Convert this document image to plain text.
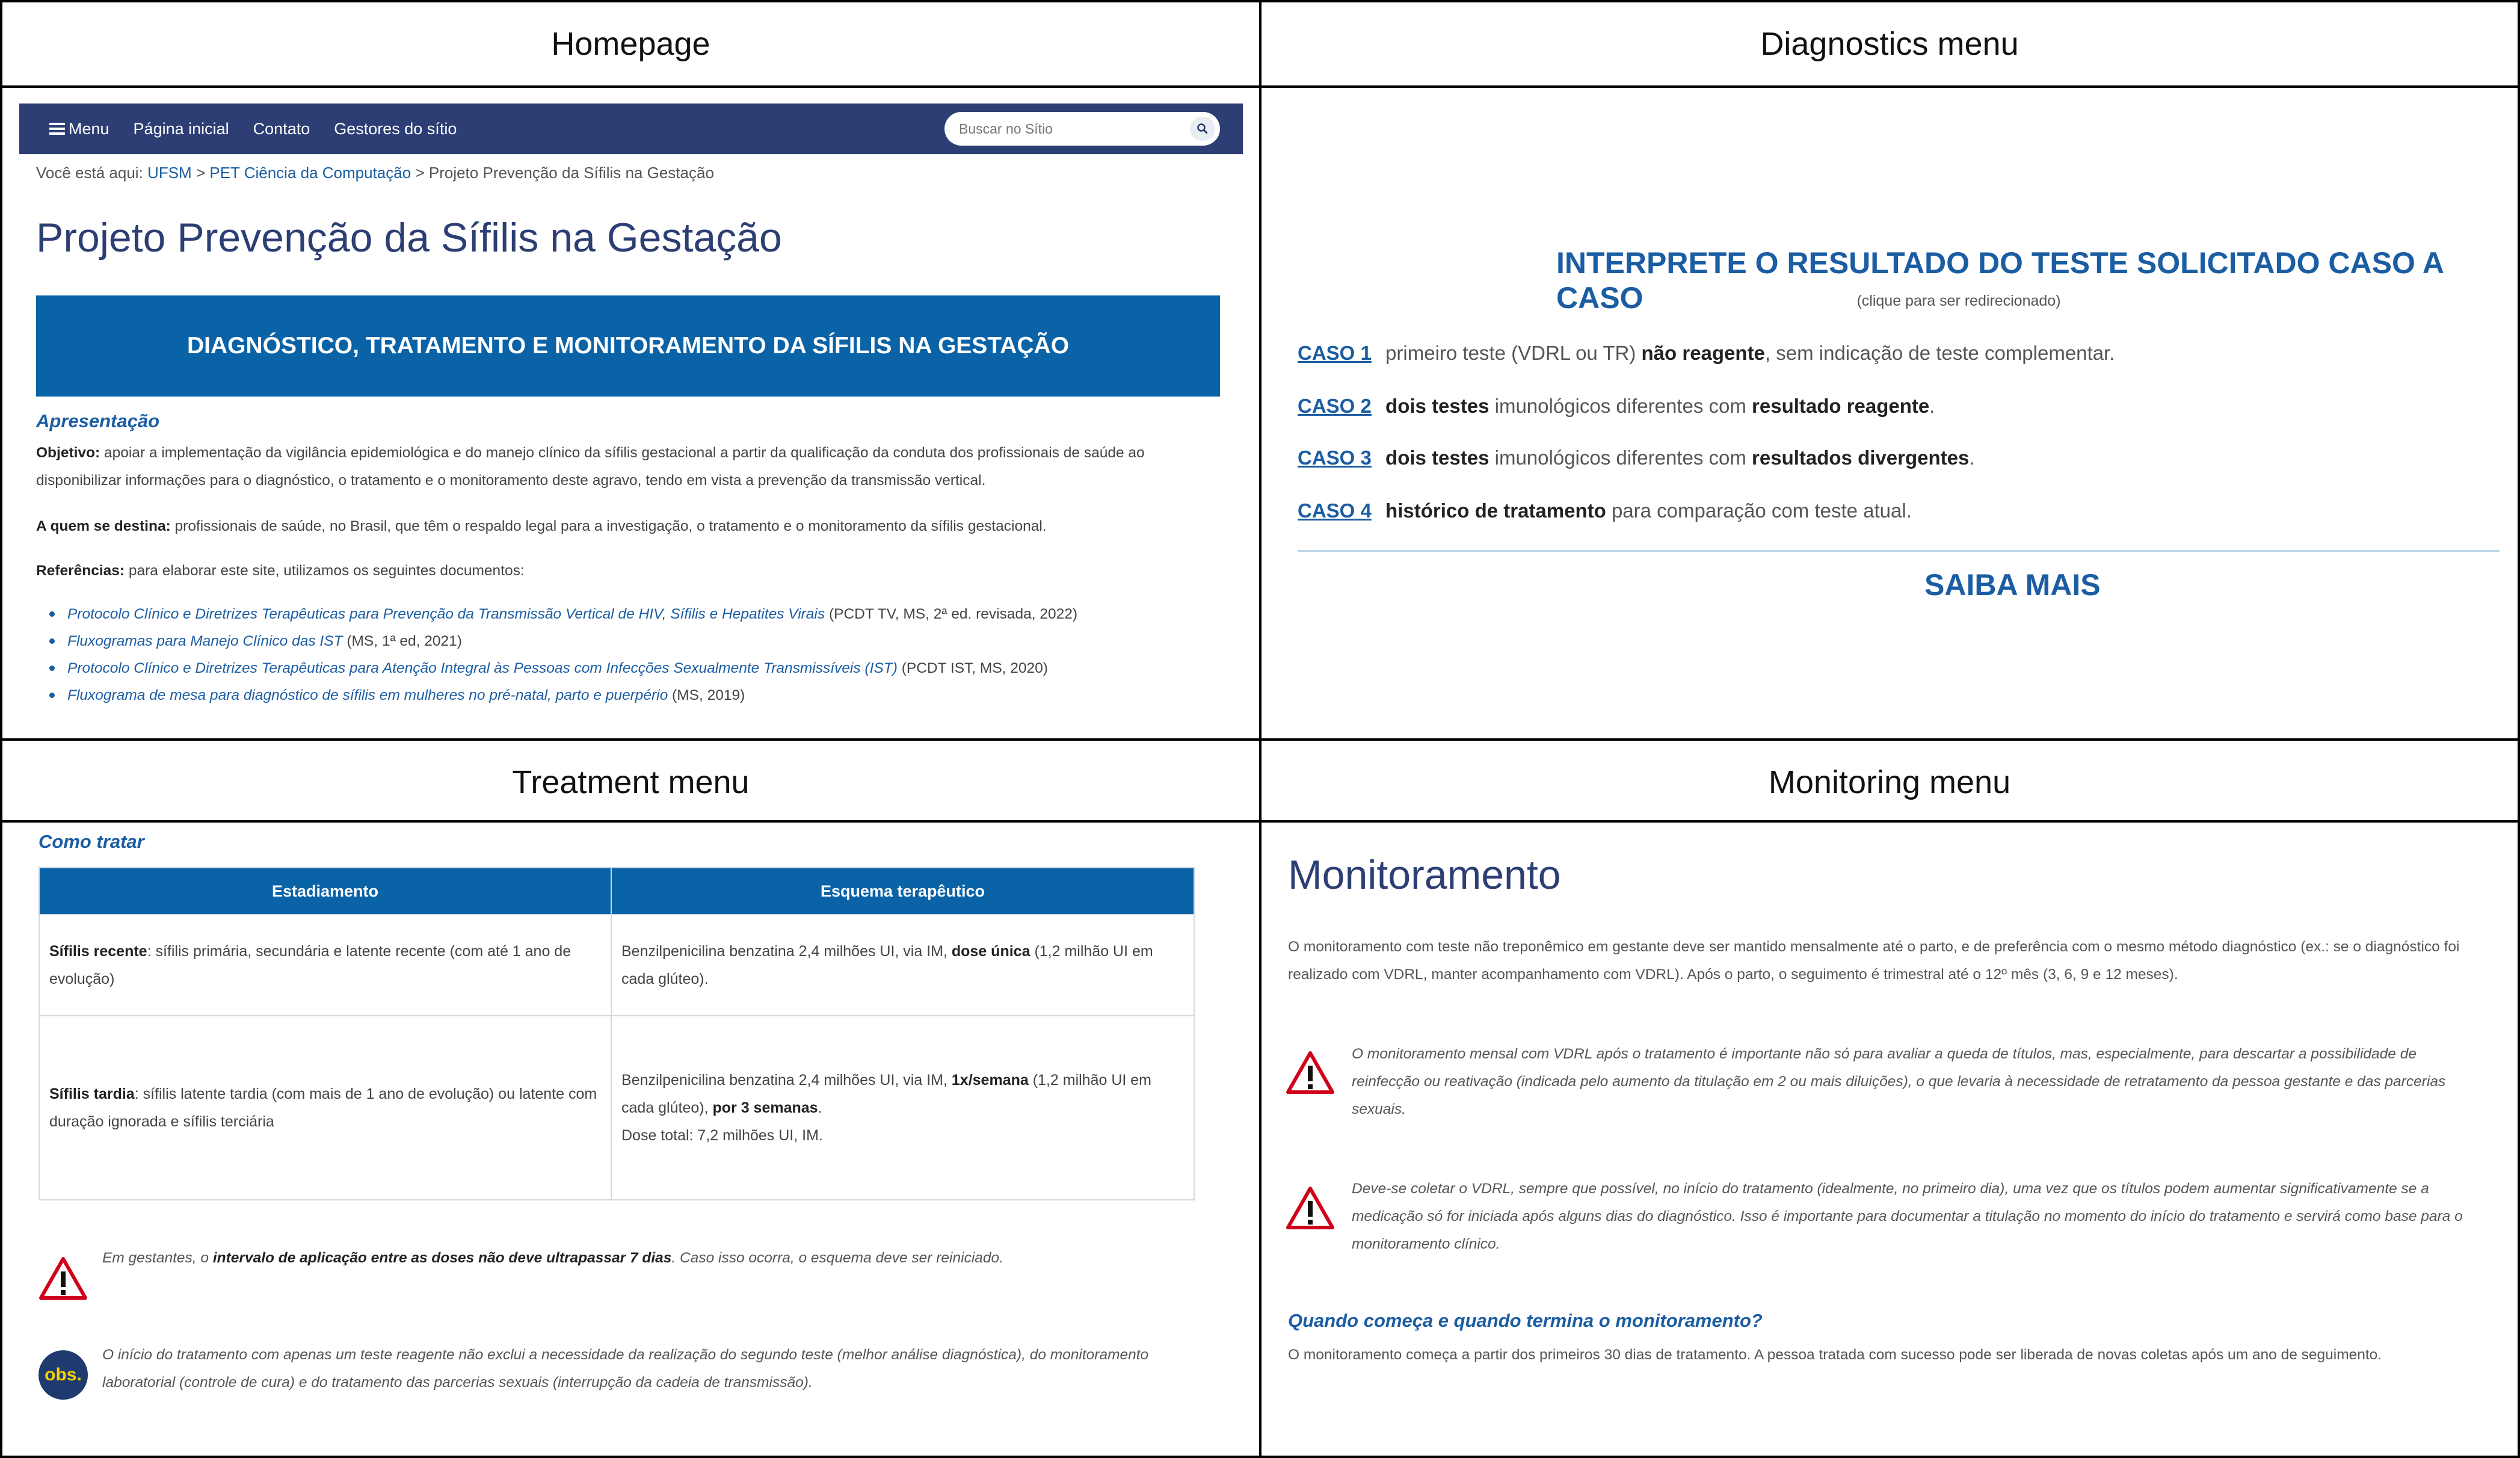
Homepage	Diagnostics menu
Treatment menu	Monitoring menu
Menu Página inicial Contato Gestores do sítio
Buscar no Sítio
Você está aqui: UFSM > PET Ciência da Computação > Projeto Prevenção da Sífilis na Gestação
Projeto Prevenção da Sífilis na Gestação
DIAGNÓSTICO, TRATAMENTO E MONITORAMENTO DA SÍFILIS NA GESTAÇÃO
Apresentação
Objetivo: apoiar a implementação da vigilância epidemiológica e do manejo clínico da sífilis gestacional a partir da qualificação da conduta dos profissionais de saúde ao disponibilizar informações para o diagnóstico, o tratamento e o monitoramento deste agravo, tendo em vista a prevenção da transmissão vertical.
A quem se destina: profissionais de saúde, no Brasil, que têm o respaldo legal para a investigação, o tratamento e o monitoramento da sífilis gestacional.
Referências: para elaborar este site, utilizamos os seguintes documentos:
Protocolo Clínico e Diretrizes Terapêuticas para Prevenção da Transmissão Vertical de HIV, Sífilis e Hepatites Virais (PCDT TV, MS, 2ª ed. revisada, 2022)
Fluxogramas para Manejo Clínico das IST (MS, 1ª ed, 2021)
Protocolo Clínico e Diretrizes Terapêuticas para Atenção Integral às Pessoas com Infecções Sexualmente Transmissíveis (IST) (PCDT IST, MS, 2020)
Fluxograma de mesa para diagnóstico de sífilis em mulheres no pré-natal, parto e puerpério (MS, 2019)
INTERPRETE O RESULTADO DO TESTE SOLICITADO CASO A CASO	(clique para ser redirecionado)
CASO 1 primeiro teste (VDRL ou TR) não reagente, sem indicação de teste complementar.
CASO 2 dois testes imunológicos diferentes com resultado reagente.
CASO 3 dois testes imunológicos diferentes com resultados divergentes.
CASO 4 histórico de tratamento para comparação com teste atual.
SAIBA MAIS
Como tratar
Estadiamento	Esquema terapêutico
Sífilis recente: sífilis primária, secundária e latente recente (com até 1 ano de evolução)	Benzilpenicilina benzatina 2,4 milhões UI, via IM, dose única (1,2 milhão UI em cada glúteo).
Sífilis tardia: sífilis latente tardia (com mais de 1 ano de evolução) ou latente com duração ignorada e sífilis terciária	Benzilpenicilina benzatina 2,4 milhões UI, via IM, 1x/semana (1,2 milhão UI em cada glúteo), por 3 semanas.
Dose total: 7,2 milhões UI, IM.
Em gestantes, o intervalo de aplicação entre as doses não deve ultrapassar 7 dias. Caso isso ocorra, o esquema deve ser reiniciado.
obs.
O início do tratamento com apenas um teste reagente não exclui a necessidade da realização do segundo teste (melhor análise diagnóstica), do monitoramento laboratorial (controle de cura) e do tratamento das parcerias sexuais (interrupção da cadeia de transmissão).
Monitoramento
O monitoramento com teste não treponêmico em gestante deve ser mantido mensalmente até o parto, e de preferência com o mesmo método diagnóstico (ex.: se o diagnóstico foi realizado com VDRL, manter acompanhamento com VDRL). Após o parto, o seguimento é trimestral até o 12º mês (3, 6, 9 e 12 meses).
O monitoramento mensal com VDRL após o tratamento é importante não só para avaliar a queda de títulos, mas, especialmente, para descartar a possibilidade de reinfecção ou reativação (indicada pelo aumento da titulação em 2 ou mais diluições), o que levaria à necessidade de retratamento da pessoa gestante e das parcerias sexuais.
Deve-se coletar o VDRL, sempre que possível, no início do tratamento (idealmente, no primeiro dia), uma vez que os títulos podem aumentar significativamente se a medicação só for iniciada após alguns dias do diagnóstico. Isso é importante para documentar a titulação no momento do início do tratamento e servirá como base para o monitoramento clínico.
Quando começa e quando termina o monitoramento?
O monitoramento começa a partir dos primeiros 30 dias de tratamento. A pessoa tratada com sucesso pode ser liberada de novas coletas após um ano de seguimento.
